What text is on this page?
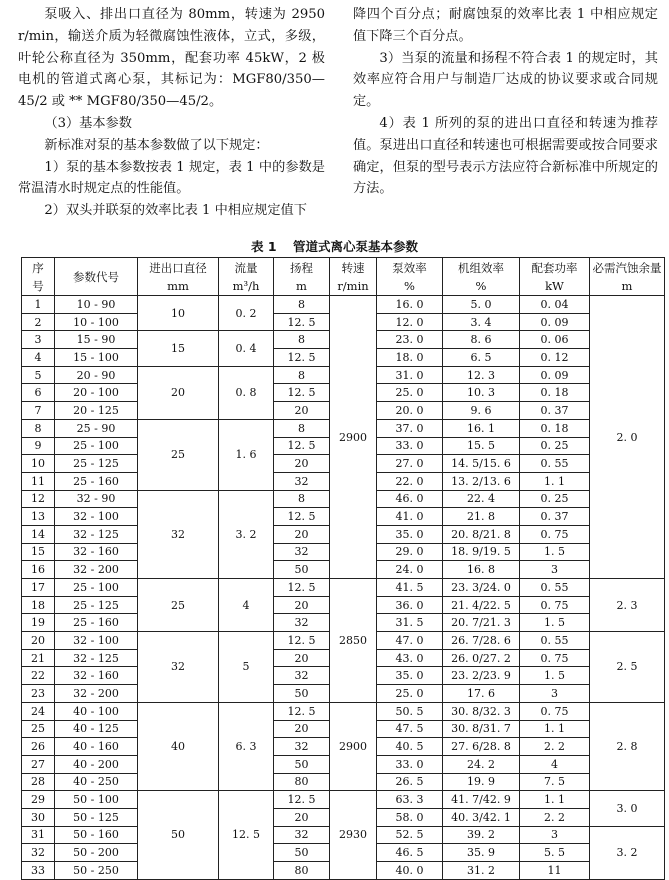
泵吸入、排出口直径为 80mm，转速为 2950 r/min，输送介质为轻微腐蚀性液体，立式，多级，叶轮公称直径为 350mm，配套功率 45kW，2 极电机的管道式离心泵，其标记为：MGF80/350—45/2 或 ** MGF80/350—45/2。

（3）基本参数

新标准对泵的基本参数做了以下规定：

1）泵的基本参数按表 1 规定，表 1 中的参数是常温清水时规定点的性能值。

2）双头并联泵的效率比表 1 中相应规定值下

降四个百分点；耐腐蚀泵的效率比表 1 中相应规定值下降三个百分点。

3）当泵的流量和扬程不符合表 1 的规定时，其效率应符合用户与制造厂达成的协议要求或合同规定。

4）表 1 所列的泵的进出口直径和转速为推荐值。泵进出口直径和转速也可根据需要或按合同要求确定，但泵的型号表示方法应符合新标准中所规定的方法。

表 1 管道式离心泵基本参数
序	参数代号	进出口直径	流量	扬程	转速	泵效率	机组效率	配套功率	必需汽蚀余量
号		mm	m³/h	m	r/min	%	%	kW	m
1	10 - 90	10	0. 2	8	2900	16. 0	5. 0	0. 04	2. 0
2	10 - 100			12. 5		12. 0	3. 4	0. 09	
3	15 - 90	15	0. 4	8		23. 0	8. 6	0. 06	
4	15 - 100			12. 5		18. 0	6. 5	0. 12	
5	20 - 90	20	0. 8	8		31. 0	12. 3	0. 09	
6	20 - 100			12. 5		25. 0	10. 3	0. 18	
7	20 - 125			20		20. 0	9. 6	0. 37	
8	25 - 90	25	1. 6	8		37. 0	16. 1	0. 18	
9	25 - 100			12. 5		33. 0	15. 5	0. 25	
10	25 - 125			20		27. 0	14. 5/15. 6	0. 55	
11	25 - 160			32		22. 0	13. 2/13. 6	1. 1	
12	32 - 90	32	3. 2	8		46. 0	22. 4	0. 25	
13	32 - 100			12. 5		41. 0	21. 8	0. 37	
14	32 - 125			20		35. 0	20. 8/21. 8	0. 75	
15	32 - 160			32		29. 0	18. 9/19. 5	1. 5	
16	32 - 200			50		24. 0	16. 8	3	
17	25 - 100	25	4	12. 5	2850	41. 5	23. 3/24. 0	0. 55	2. 3
18	25 - 125			20		36. 0	21. 4/22. 5	0. 75	
19	25 - 160			32		31. 5	20. 7/21. 3	1. 5	
20	32 - 100	32	5	12. 5		47. 0	26. 7/28. 6	0. 55	2. 5
21	32 - 125			20		43. 0	26. 0/27. 2	0. 75	
22	32 - 160			32		35. 0	23. 2/23. 9	1. 5	
23	32 - 200			50		25. 0	17. 6	3	
24	40 - 100	40	6. 3	12. 5	2900	50. 5	30. 8/32. 3	0. 75	2. 8
25	40 - 125			20		47. 5	30. 8/31. 7	1. 1	
26	40 - 160			32		40. 5	27. 6/28. 8	2. 2	
27	40 - 200			50		33. 0	24. 2	4	
28	40 - 250			80		26. 5	19. 9	7. 5	
29	50 - 100	50	12. 5	12. 5	2930	63. 3	41. 7/42. 9	1. 1	3. 0
30	50 - 125			20		58. 0	40. 3/42. 1	2. 2	
31	50 - 160			32		52. 5	39. 2	3	3. 2
32	50 - 200			50		46. 5	35. 9	5. 5	
33	50 - 250			80		40. 0	31. 2	11	
